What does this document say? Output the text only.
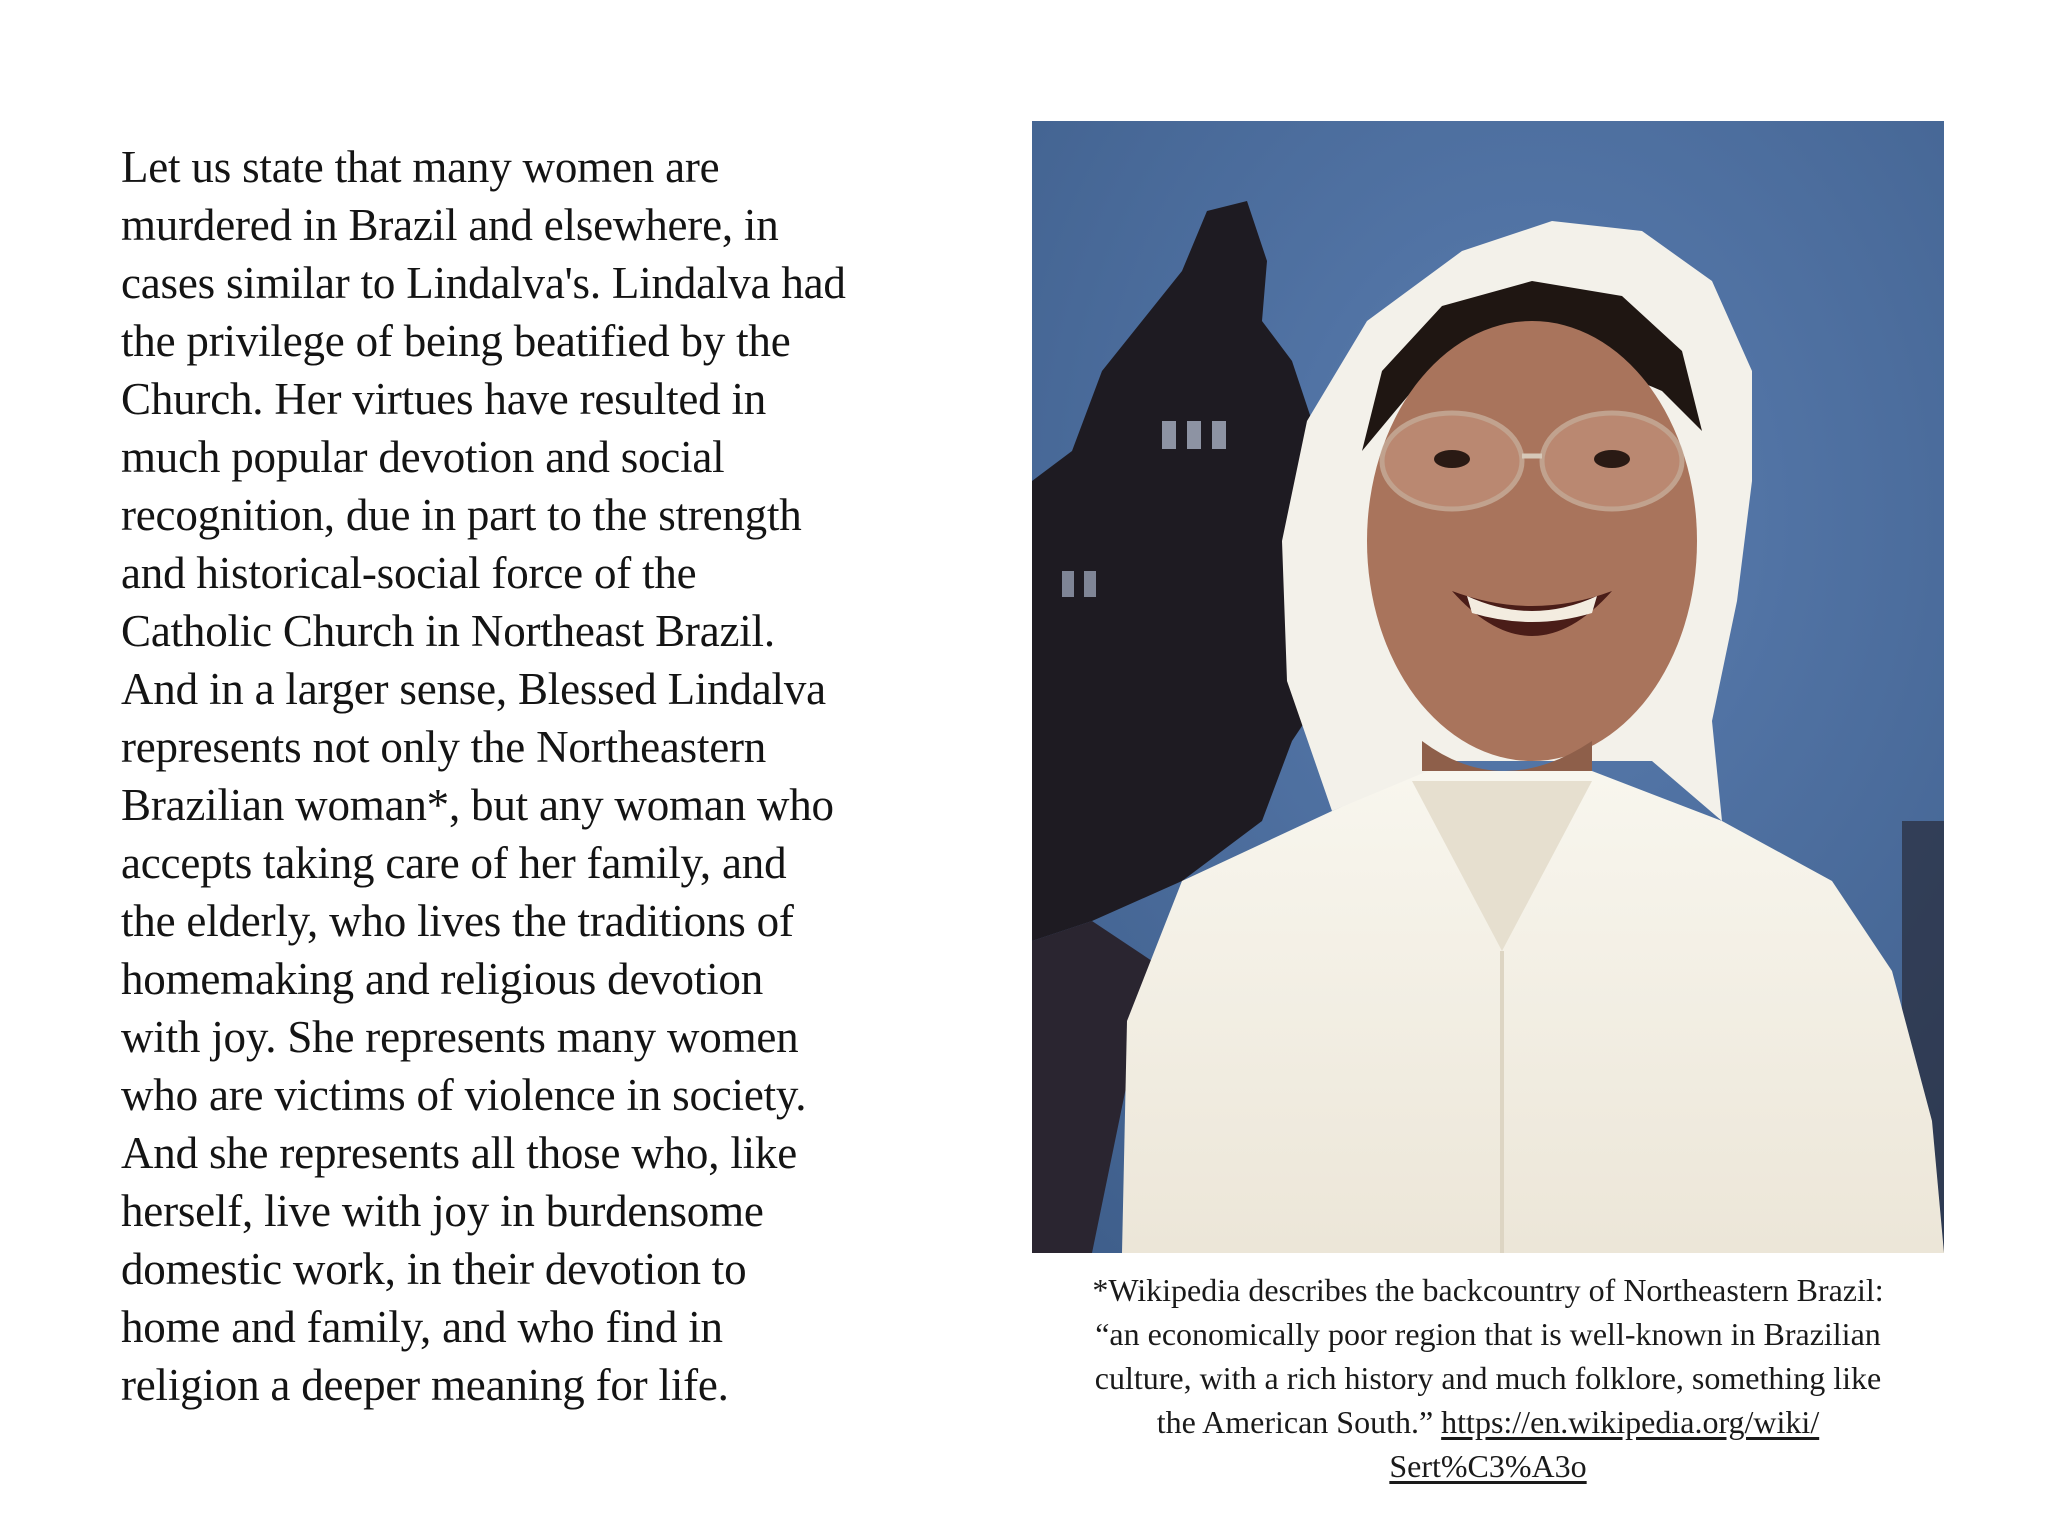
Let us state that many women are
murdered in Brazil and elsewhere, in
cases similar to Lindalva's. Lindalva had
the privilege of being beatified by the
Church. Her virtues have resulted in
much popular devotion and social
recognition, due in part to the strength
and historical-social force of the
Catholic Church in Northeast Brazil.
And in a larger sense, Blessed Lindalva
represents not only the Northeastern
Brazilian woman*, but any woman who
accepts taking care of her family, and
the elderly, who lives the traditions of
homemaking and religious devotion
with joy. She represents many women
who are victims of violence in society.
And she represents all those who, like
herself, live with joy in burdensome
domestic work, in their devotion to
home and family, and who find in
religion a deeper meaning for life.

*Wikipedia describes the backcountry of Northeastern Brazil:
“an economically poor region that is well-known in Brazilian
culture, with a rich history and much folklore, something like
the American South.” https://en.wikipedia.org/wiki/
Sert%C3%A3o
